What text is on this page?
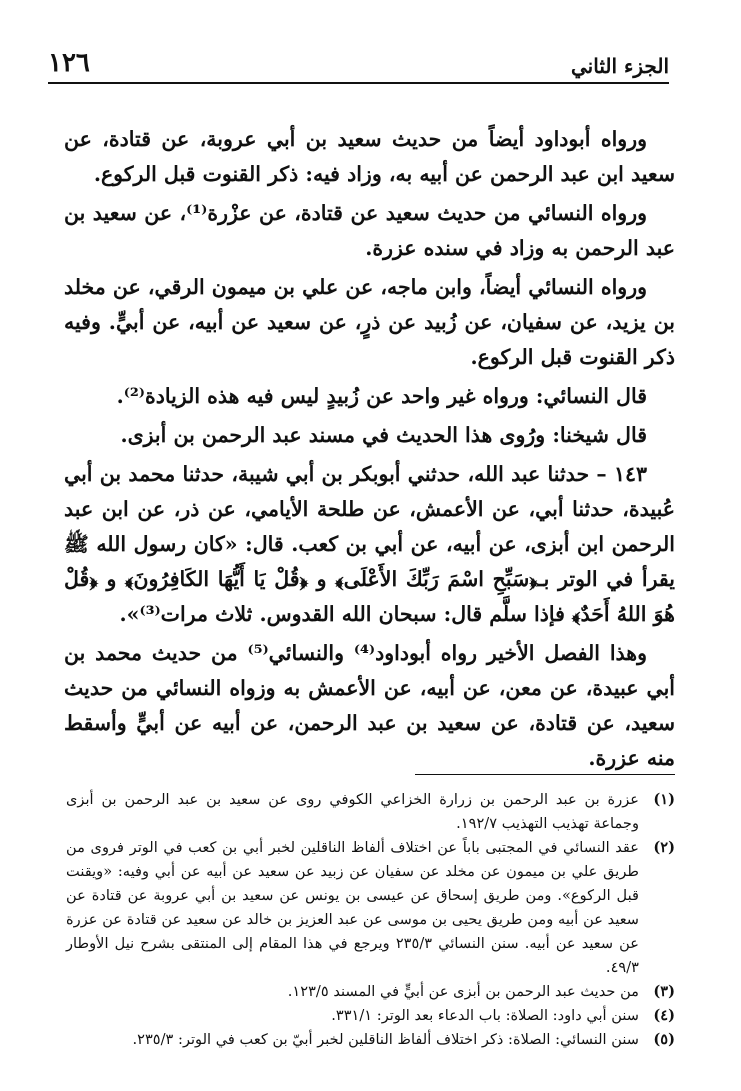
الجزء الثاني
١٢٦

ورواه أبوداود أيضاً من حديث سعيد بن أبي عروبة، عن قتادة، عن سعيد ابن عبد الرحمن عن أبيه به، وزاد فيه: ذكر القنوت قبل الركوع.

ورواه النسائي من حديث سعيد عن قتادة، عن عزْرة⁽¹⁾، عن سعيد بن عبد الرحمن به وزاد في سنده عزرة.

ورواه النسائي أيضاً، وابن ماجه، عن علي بن ميمون الرقي، عن مخلد بن يزيد، عن سفيان، عن زُبيد عن ذرٍ، عن سعيد عن أبيه، عن أبيٍّ. وفيه ذكر القنوت قبل الركوع.

قال النسائي: ورواه غير واحد عن زُبيدٍ ليس فيه هذه الزيادة⁽²⁾.

قال شيخنا: ورُوى هذا الحديث في مسند عبد الرحمن بن أبزى.

١٤٣ – حدثنا عبد الله، حدثني أبوبكر بن أبي شيبة، حدثنا محمد بن أبي عُبيدة، حدثنا أبي، عن الأعمش، عن طلحة الأيامي، عن ذر، عن ابن عبد الرحمن ابن أبزى، عن أبيه، عن أبي بن كعب. قال: «كان رسول الله ﷺ يقرأ في الوتر بـ﴿سَبِّحِ اسْمَ رَبِّكَ الأَعْلَى﴾ و ﴿قُلْ يَا أَيُّهَا الكَافِرُونَ﴾ و ﴿قُلْ هُوَ اللهُ أَحَدٌ﴾ فإذا سلَّم قال: سبحان الله القدوس. ثلاث مرات⁽³⁾».

وهذا الفصل الأخير رواه أبوداود⁽⁴⁾ والنسائي⁽⁵⁾ من حديث محمد بن أبي عبيدة، عن معن، عن أبيه، عن الأعمش به وزواه النسائي من حديث سعيد، عن قتادة، عن سعيد بن عبد الرحمن، عن أبيه عن أبيٍّ وأسقط منه عزرة.

(١)
عزرة بن عبد الرحمن بن زرارة الخزاعي الكوفي روى عن سعيد بن عبد الرحمن بن أبزى وجماعة تهذيب التهذيب ١٩٢/٧.
(٢)
عقد النسائي في المجتبى باباً عن اختلاف ألفاظ الناقلين لخبر أبي بن كعب في الوتر فروى من طريق علي بن ميمون عن مخلد عن سفيان عن زبيد عن سعيد عن أبيه عن أبي وفيه: «ويقنت قبل الركوع». ومن طريق إسحاق عن عيسى بن يونس عن سعيد بن أبي عروبة عن قتادة عن سعيد عن أبيه ومن طريق يحيى بن موسى عن عبد العزيز بن خالد عن سعيد عن قتادة عن عزرة عن سعيد عن أبيه. سنن النسائي ٢٣٥/٣ ويرجع في هذا المقام إلى المنتقى بشرح نيل الأوطار ٤٩/٣.
(٣)
من حديث عبد الرحمن بن أبزى عن أبيٍّ في المسند ١٢٣/٥.
(٤)
سنن أبي داود: الصلاة: باب الدعاء بعد الوتر: ٣٣١/١.
(٥)
سنن النسائي: الصلاة: ذكر اختلاف ألفاظ الناقلين لخبر أبيّ بن كعب في الوتر: ٢٣٥/٣.
